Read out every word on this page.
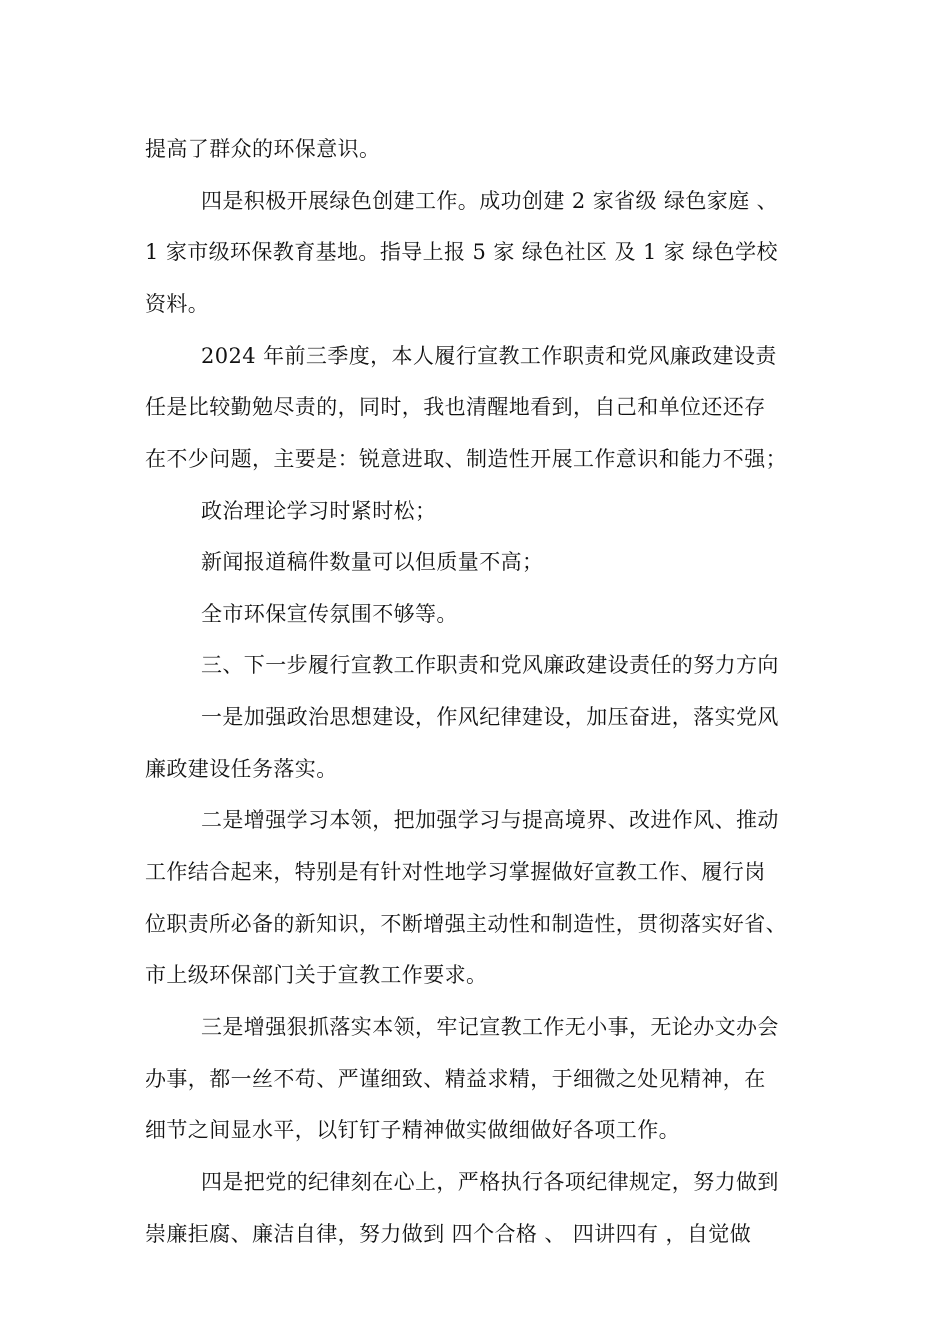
提高了群众的环保意识。
四是积极开展绿色创建工作。成功创建 2 家省级 绿色家庭 、
1 家市级环保教育基地。指导上报 5 家 绿色社区 及 1 家 绿色学校
资料。
2024 年前三季度，本人履行宣教工作职责和党风廉政建设责
任是比较勤勉尽责的，同时，我也清醒地看到，自己和单位还还存
在不少问题，主要是：锐意进取、制造性开展工作意识和能力不强；
政治理论学习时紧时松；
新闻报道稿件数量可以但质量不高；
全市环保宣传氛围不够等。
三、下一步履行宣教工作职责和党风廉政建设责任的努力方向
一是加强政治思想建设，作风纪律建设，加压奋进，落实党风
廉政建设任务落实。
二是增强学习本领，把加强学习与提高境界、改进作风、推动
工作结合起来，特别是有针对性地学习掌握做好宣教工作、履行岗
位职责所必备的新知识，不断增强主动性和制造性，贯彻落实好省、
市上级环保部门关于宣教工作要求。
三是增强狠抓落实本领，牢记宣教工作无小事，无论办文办会
办事，都一丝不苟、严谨细致、精益求精，于细微之处见精神，在
细节之间显水平，以钉钉子精神做实做细做好各项工作。
四是把党的纪律刻在心上，严格执行各项纪律规定，努力做到
崇廉拒腐、廉洁自律，努力做到 四个合格 、 四讲四有 ，自觉做
